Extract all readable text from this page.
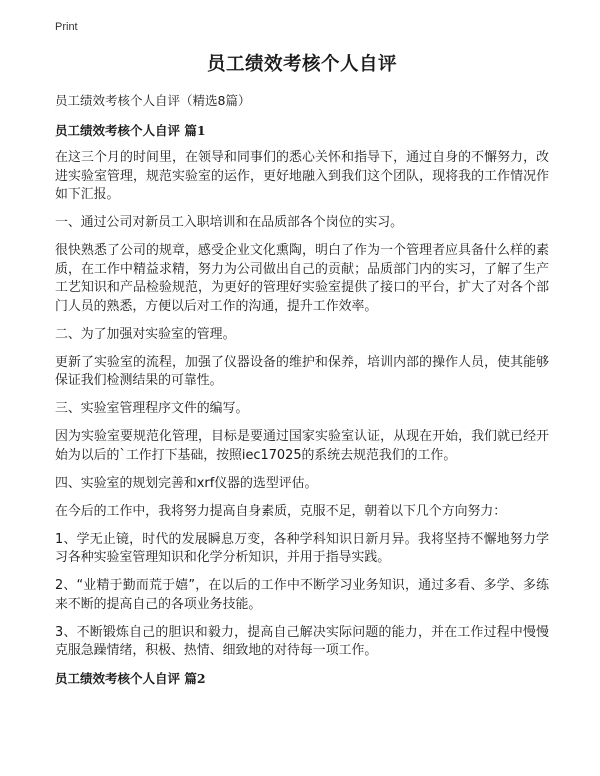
Print
员工绩效考核个人自评

员工绩效考核个人自评（精选8篇）

员工绩效考核个人自评 篇1

在这三个月的时间里，在领导和同事们的悉心关怀和指导下，通过自身的不懈努力，改进实验室管理，规范实验室的运作，更好地融入到我们这个团队，现将我的工作情况作如下汇报。

一、通过公司对新员工入职培训和在品质部各个岗位的实习。

很快熟悉了公司的规章，感受企业文化熏陶，明白了作为一个管理者应具备什么样的素质，在工作中精益求精，努力为公司做出自己的贡献；品质部门内的实习，了解了生产工艺知识和产品检验规范，为更好的管理好实验室提供了接口的平台，扩大了对各个部门人员的熟悉，方便以后对工作的沟通，提升工作效率。

二、为了加强对实验室的管理。

更新了实验室的流程，加强了仪器设备的维护和保养，培训内部的操作人员，使其能够保证我们检测结果的可靠性。

三、实验室管理程序文件的编写。

因为实验室要规范化管理，目标是要通过国家实验室认证，从现在开始，我们就已经开始为以后的`工作打下基础，按照iec17025的系统去规范我们的工作。

四、实验室的规划完善和xrf仪器的选型评估。

在今后的工作中，我将努力提高自身素质，克服不足，朝着以下几个方向努力：

1、学无止镜，时代的发展瞬息万变，各种学科知识日新月异。我将坚持不懈地努力学习各种实验室管理知识和化学分析知识，并用于指导实践。

2、“业精于勤而荒于嬉”，在以后的工作中不断学习业务知识，通过多看、多学、多练来不断的提高自己的各项业务技能。

3、不断锻炼自己的胆识和毅力，提高自己解决实际问题的能力，并在工作过程中慢慢克服急躁情绪，积极、热情、细致地的对待每一项工作。

员工绩效考核个人自评 篇2
